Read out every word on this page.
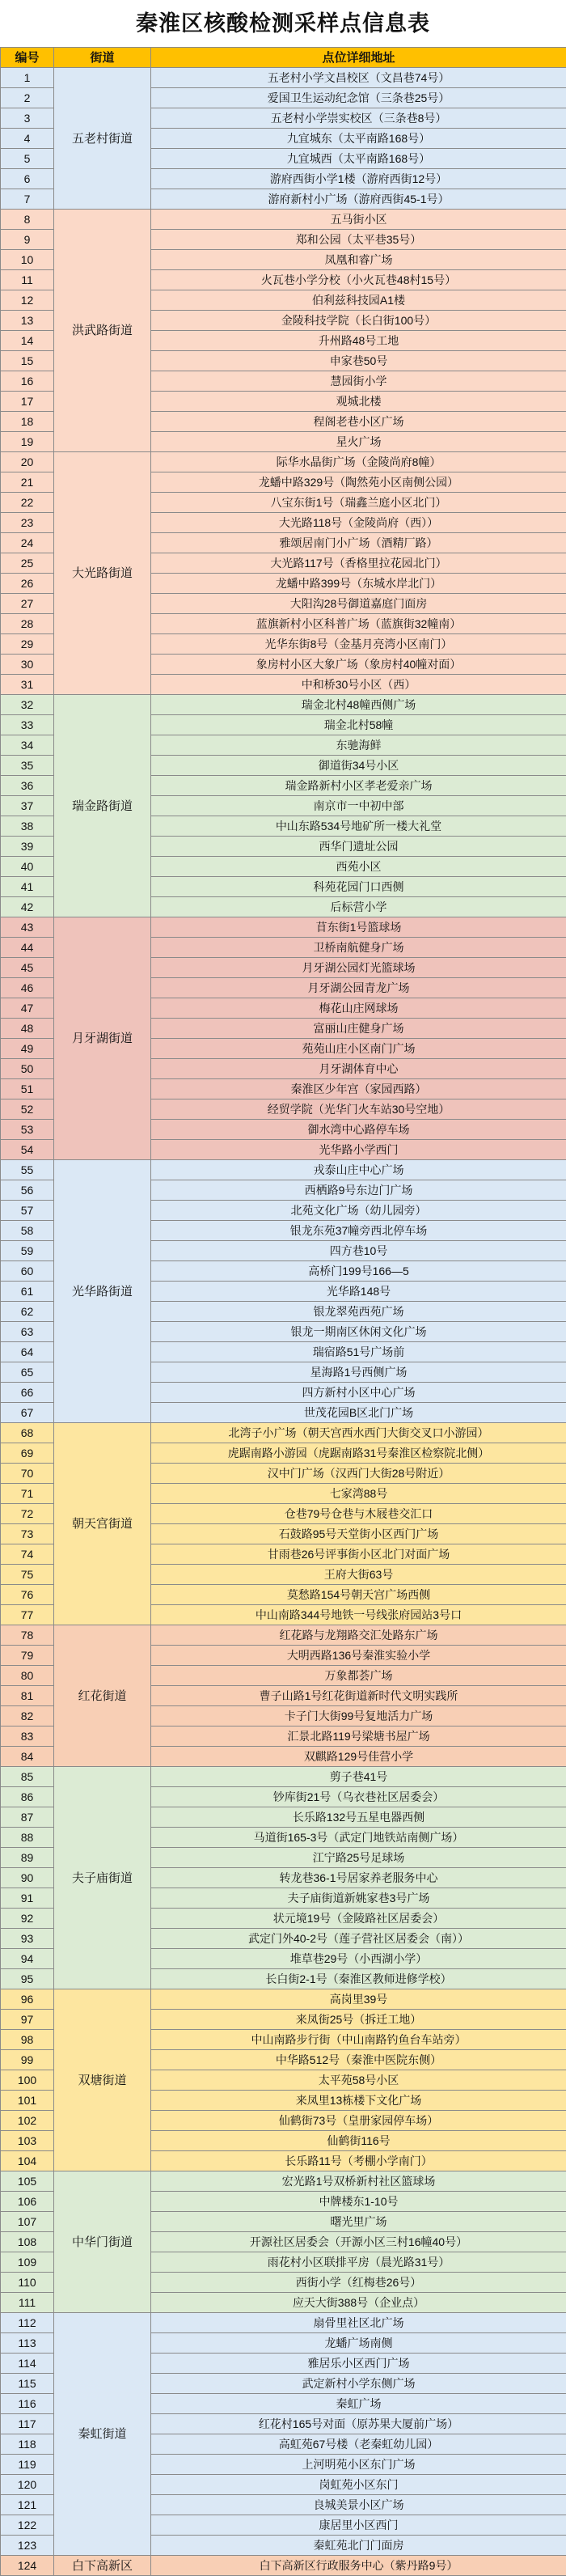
秦淮区核酸检测采样点信息表
编号	街道	点位详细地址
1	五老村街道	五老村小学文昌校区（文昌巷74号）
2		爱国卫生运动纪念馆（三条巷25号）
3		五老村小学崇实校区（三条巷8号）
4		九宜城东（太平南路168号）
5		九宜城西（太平南路168号）
6		游府西街小学1楼（游府西街12号）
7		游府新村小广场（游府西街45-1号）
8	洪武路街道	五马街小区
9		郑和公园（太平巷35号）
10		凤凰和睿广场
11		火瓦巷小学分校（小火瓦巷48村15号）
12		伯利兹科技园A1楼
13		金陵科技学院（长白街100号）
14		升州路48号工地
15		申家巷50号
16		慧园街小学
17		观城北楼
18		程阁老巷小区广场
19		星火广场
20	大光路街道	际华水晶街广场（金陵尚府8幢）
21		龙蟠中路329号（陶然苑小区南侧公园）
22		八宝东街1号（瑞鑫兰庭小区北门）
23		大光路118号（金陵尚府（西））
24		雅颂居南门小广场（酒精厂路）
25		大光路117号（香格里拉花园北门）
26		龙蟠中路399号（东城水岸北门）
27		大阳沟28号御道嘉庭门面房
28		蓝旗新村小区科普广场（蓝旗街32幢南）
29		光华东街8号（金基月亮湾小区南门）
30		象房村小区大象广场（象房村40幢对面）
31		中和桥30号小区（西）
32	瑞金路街道	瑞金北村48幢西侧广场
33		瑞金北村58幢
34		东驰海鲜
35		御道街34号小区
36		瑞金路新村小区孝老爱亲广场
37		南京市一中初中部
38		中山东路534号地矿所一楼大礼堂
39		西华门遗址公园
40		西苑小区
41		科苑花园门口西侧
42		后标营小学
43	月牙湖街道	苜东街1号篮球场
44		卫桥南航健身广场
45		月牙湖公园灯光篮球场
46		月牙湖公园青龙广场
47		梅花山庄网球场
48		富丽山庄健身广场
49		苑苑山庄小区南门广场
50		月牙湖体育中心
51		秦淮区少年宫（家园西路）
52		经贸学院（光华门火车站30号空地）
53		御水湾中心路停车场
54		光华路小学西门
55	光华路街道	戎泰山庄中心广场
56		西栖路9号东边门广场
57		北苑文化广场（幼儿园旁）
58		银龙东苑37幢旁西北停车场
59		四方巷10号
60		高桥门199号166—5
61		光华路148号
62		银龙翠苑西苑广场
63		银龙一期南区休闲文化广场
64		瑞宿路51号广场前
65		星海路1号西侧广场
66		四方新村小区中心广场
67		世茂花园B区北门广场
68	朝天宫街道	北湾子小广场（朝天宫西水西门大街交叉口小游园）
69		虎踞南路小游园（虎踞南路31号秦淮区检察院北侧）
70		汉中门广场（汉西门大街28号附近）
71		七家湾88号
72		仓巷79号仓巷与木屐巷交汇口
73		石鼓路95号天堂街小区西门广场
74		甘雨巷26号评事街小区北门对面广场
75		王府大街63号
76		莫愁路154号朝天宫广场西侧
77		中山南路344号地铁一号线张府园站3号口
78	红花街道	红花路与龙翔路交汇处路东广场
79		大明西路136号秦淮实验小学
80		万象都荟广场
81		曹子山路1号红花街道新时代文明实践所
82		卡子门大街99号复地活力广场
83		汇景北路119号梁塘书屋广场
84		双麒路129号佳营小学
85	夫子庙街道	剪子巷41号
86		钞库街21号（乌衣巷社区居委会）
87		长乐路132号五星电器西侧
88		马道街165-3号（武定门地铁站南侧广场）
89		江宁路25号足球场
90		转龙巷36-1号居家养老服务中心
91		夫子庙街道新姚家巷3号广场
92		状元境19号（金陵路社区居委会）
93		武定门外40-2号（莲子营社区居委会（南））
94		堆草巷29号（小西湖小学）
95		长白街2-1号（秦淮区教师进修学校）
96	双塘街道	高岗里39号
97		来凤街25号（拆迁工地）
98		中山南路步行街（中山南路钓鱼台车站旁）
99		中华路512号（秦淮中医院东侧）
100		太平苑58号小区
101		来凤里13栋楼下文化广场
102		仙鹤街73号（皇册家园停车场）
103		仙鹤街116号
104		长乐路11号（考棚小学南门）
105	中华门街道	宏光路1号双桥新村社区篮球场
106		中牌楼东1-10号
107		曙光里广场
108		开源社区居委会（开源小区三村16幢40号）
109		雨花村小区联排平房（晨光路31号）
110		西街小学（红梅巷26号）
111		应天大街388号（企业点）
112	秦虹街道	扇骨里社区北广场
113		龙蟠广场南侧
114		雅居乐小区西门广场
115		武定新村小学东侧广场
116		秦虹广场
117		红花村165号对面（原苏果大厦前广场）
118		高虹苑67号楼（老秦虹幼儿园）
119		上河明苑小区东门广场
120		岗虹苑小区东门
121		良城美景小区广场
122		康居里小区西门
123		秦虹苑北门门面房
124	白下高新区	白下高新区行政服务中心（紫丹路9号）
